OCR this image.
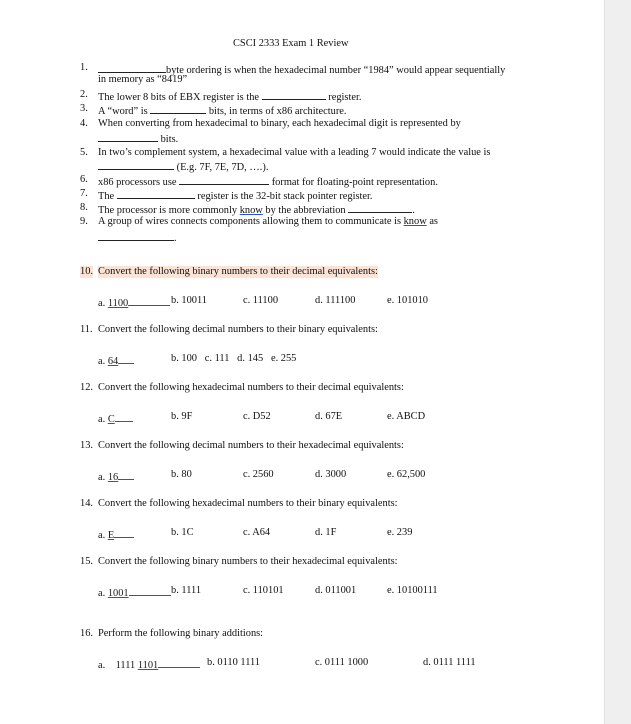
CSCI 2333 Exam 1 Review
1.	byte ordering is when the hexadecimal number “1984” would appear sequentially
in memory as “8419”
2. The lower 8 bits of EBX register is the	register.
3. A “word” is	bits, in terms of x86 architecture.
4. When converting from hexadecimal to binary, each hexadecimal digit is represented by
bits.
5. In two’s complement system, a hexadecimal value with a leading 7 would indicate the value is
(E.g. 7F, 7E, 7D, ….).
6. x86 processors use	format for floating-point representation.
7. The	register is the 32-bit stack pointer register.
8. The processor is more commonly know by the abbreviation	.
9. A group of wires connects components allowing them to communicate is know as
.
10. Convert the following binary numbers to their decimal equivalents:
a. 1100	b. 10011	c. 11100	d. 111100	e. 101010
11. Convert the following decimal numbers to their binary equivalents:
a. 64	b. 100   c. 111   d. 145   e. 255
12. Convert the following hexadecimal numbers to their decimal equivalents:
a. C	b. 9F	c. D52	d. 67E	e. ABCD
13. Convert the following decimal numbers to their hexadecimal equivalents:
a. 16	b. 80	c. 2560	d. 3000	e. 62,500
14. Convert the following hexadecimal numbers to their binary equivalents:
a. E	b. 1C	c. A64	d. 1F	e. 239
15. Convert the following binary numbers to their hexadecimal equivalents:
a. 1001	b. 1111	c. 110101	d. 011001	e. 10100111
16. Perform the following binary additions:
a. 1111 1101	b. 0110 1111	c. 0111 1000	d. 0111 1111
